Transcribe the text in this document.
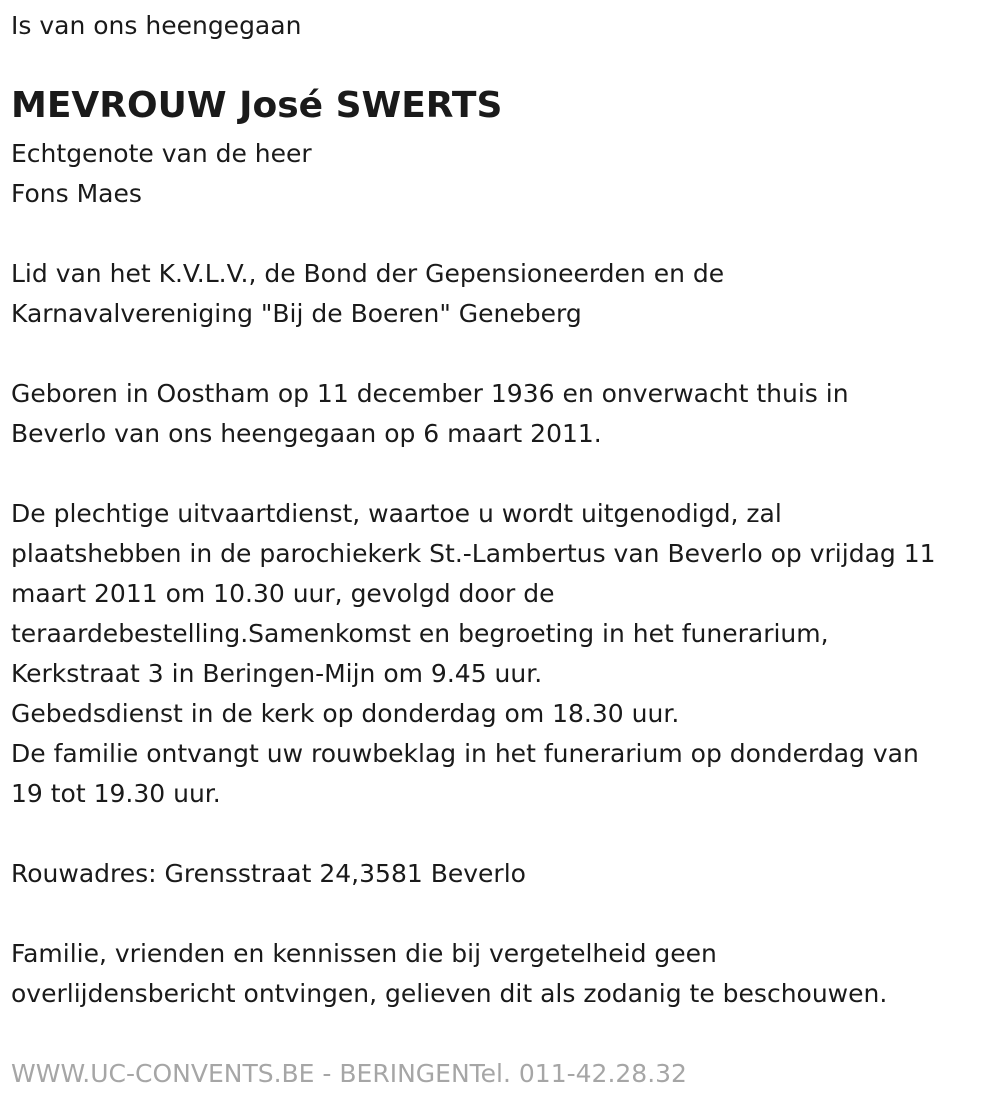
Is van ons heengegaan
MEVROUW José SWERTS
Echtgenote van de heer
Fons Maes
Lid van het K.V.L.V., de Bond der Gepensioneerden en de
Karnavalvereniging "Bij de Boeren" Geneberg
Geboren in Oostham op 11 december 1936 en onverwacht thuis in
Beverlo van ons heengegaan op 6 maart 2011.
De plechtige uitvaartdienst, waartoe u wordt uitgenodigd, zal
plaatshebben in de parochiekerk St.-Lambertus van Beverlo op vrijdag 11
maart 2011 om 10.30 uur, gevolgd door de
teraardebestelling.Samenkomst en begroeting in het funerarium,
Kerkstraat 3 in Beringen-Mijn om 9.45 uur.
Gebedsdienst in de kerk op donderdag om 18.30 uur.
De familie ontvangt uw rouwbeklag in het funerarium op donderdag van
19 tot 19.30 uur.
Rouwadres: Grensstraat 24,3581 Beverlo
Familie, vrienden en kennissen die bij vergetelheid geen
overlijdensbericht ontvingen, gelieven dit als zodanig te beschouwen.
WWW.UC-CONVENTS.BE - BERINGENTel. 011-42.28.32
